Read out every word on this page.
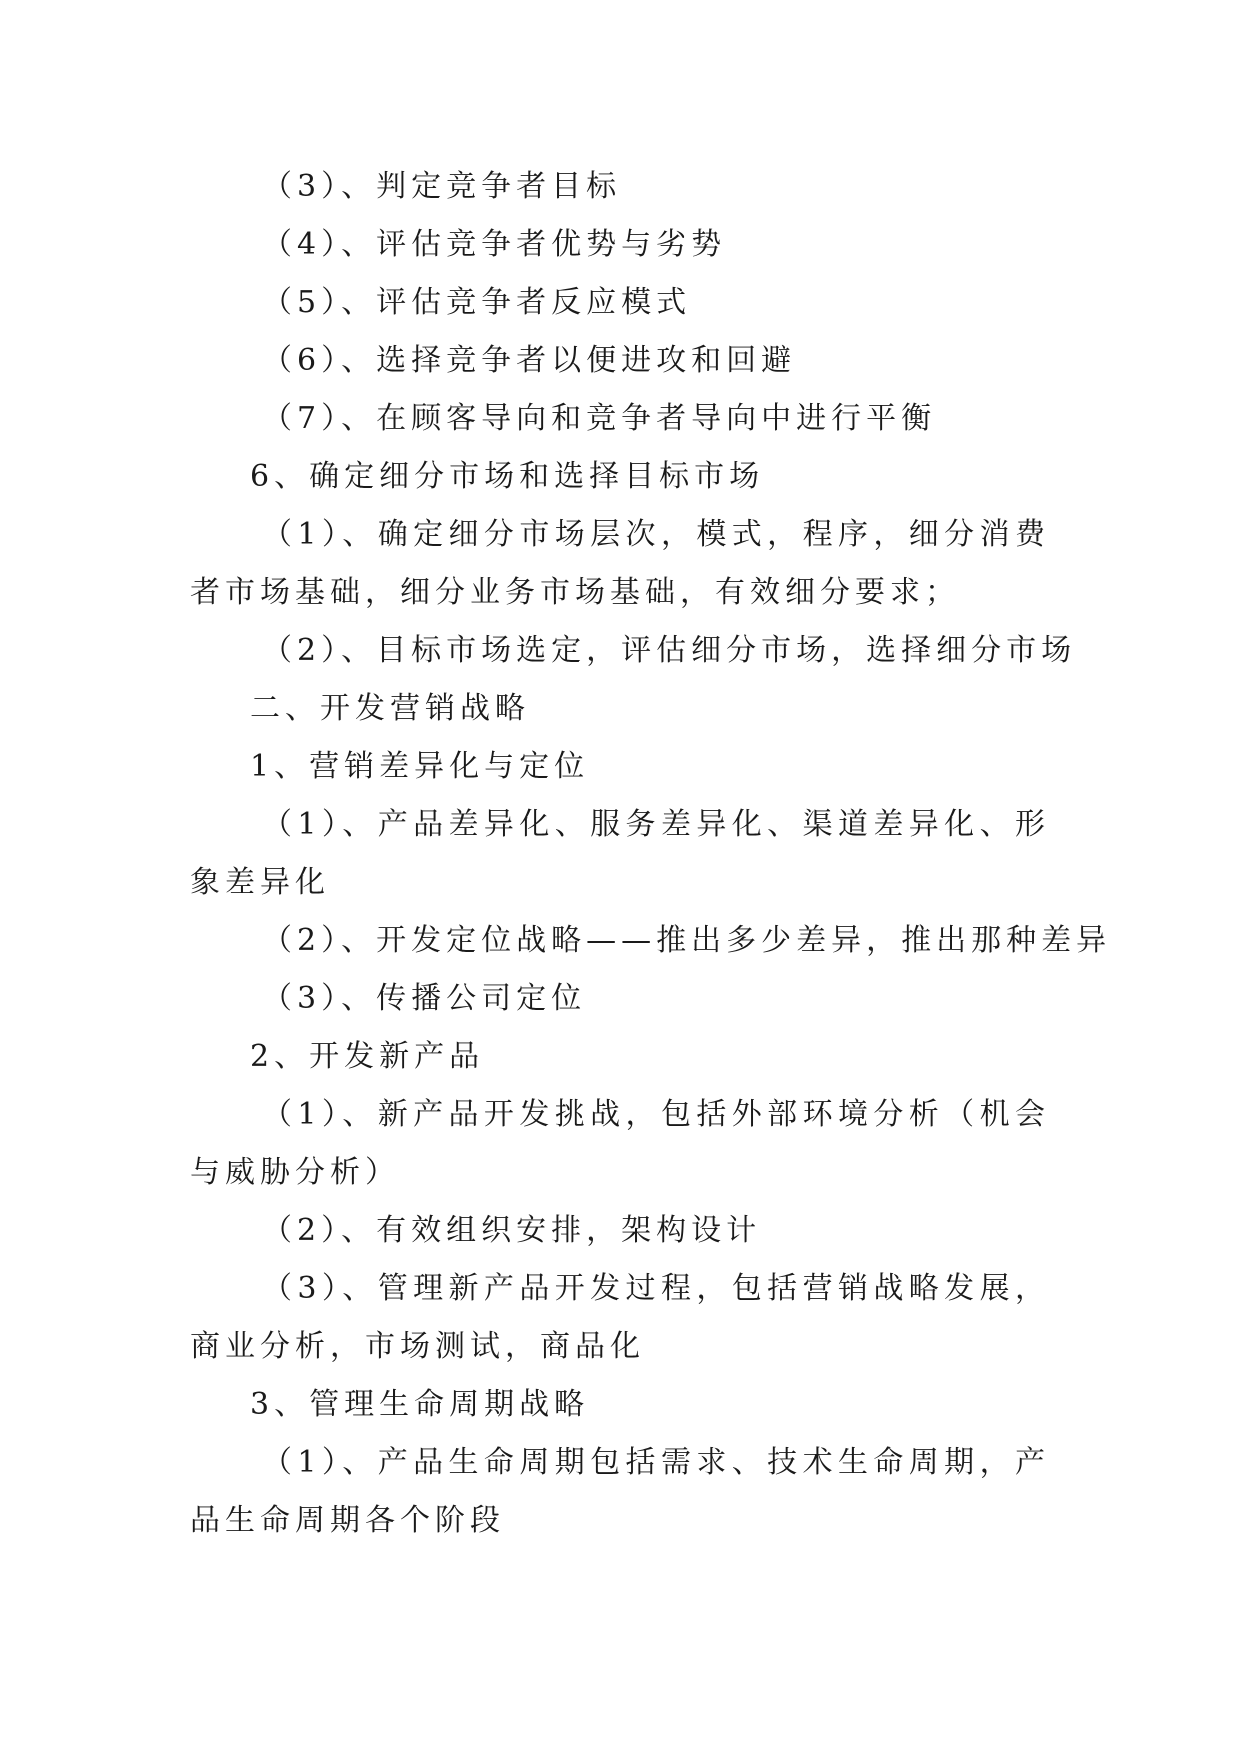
（3）、判定竞争者目标

（4）、评估竞争者优势与劣势

（5）、评估竞争者反应模式

（6）、选择竞争者以便进攻和回避

（7）、在顾客导向和竞争者导向中进行平衡

6、确定细分市场和选择目标市场

（1）、确定细分市场层次，模式，程序，细分消费者市场基础，细分业务市场基础，有效细分要求；

（2）、目标市场选定，评估细分市场，选择细分市场

二、开发营销战略

1、营销差异化与定位

（1）、产品差异化、服务差异化、渠道差异化、形象差异化

（2）、开发定位战略——推出多少差异，推出那种差异

（3）、传播公司定位

2、开发新产品

（1）、新产品开发挑战，包括外部环境分析（机会与威胁分析）

（2）、有效组织安排，架构设计

（3）、管理新产品开发过程，包括营销战略发展，商业分析，市场测试，商品化

3、管理生命周期战略

（1）、产品生命周期包括需求、技术生命周期，产品生命周期各个阶段
